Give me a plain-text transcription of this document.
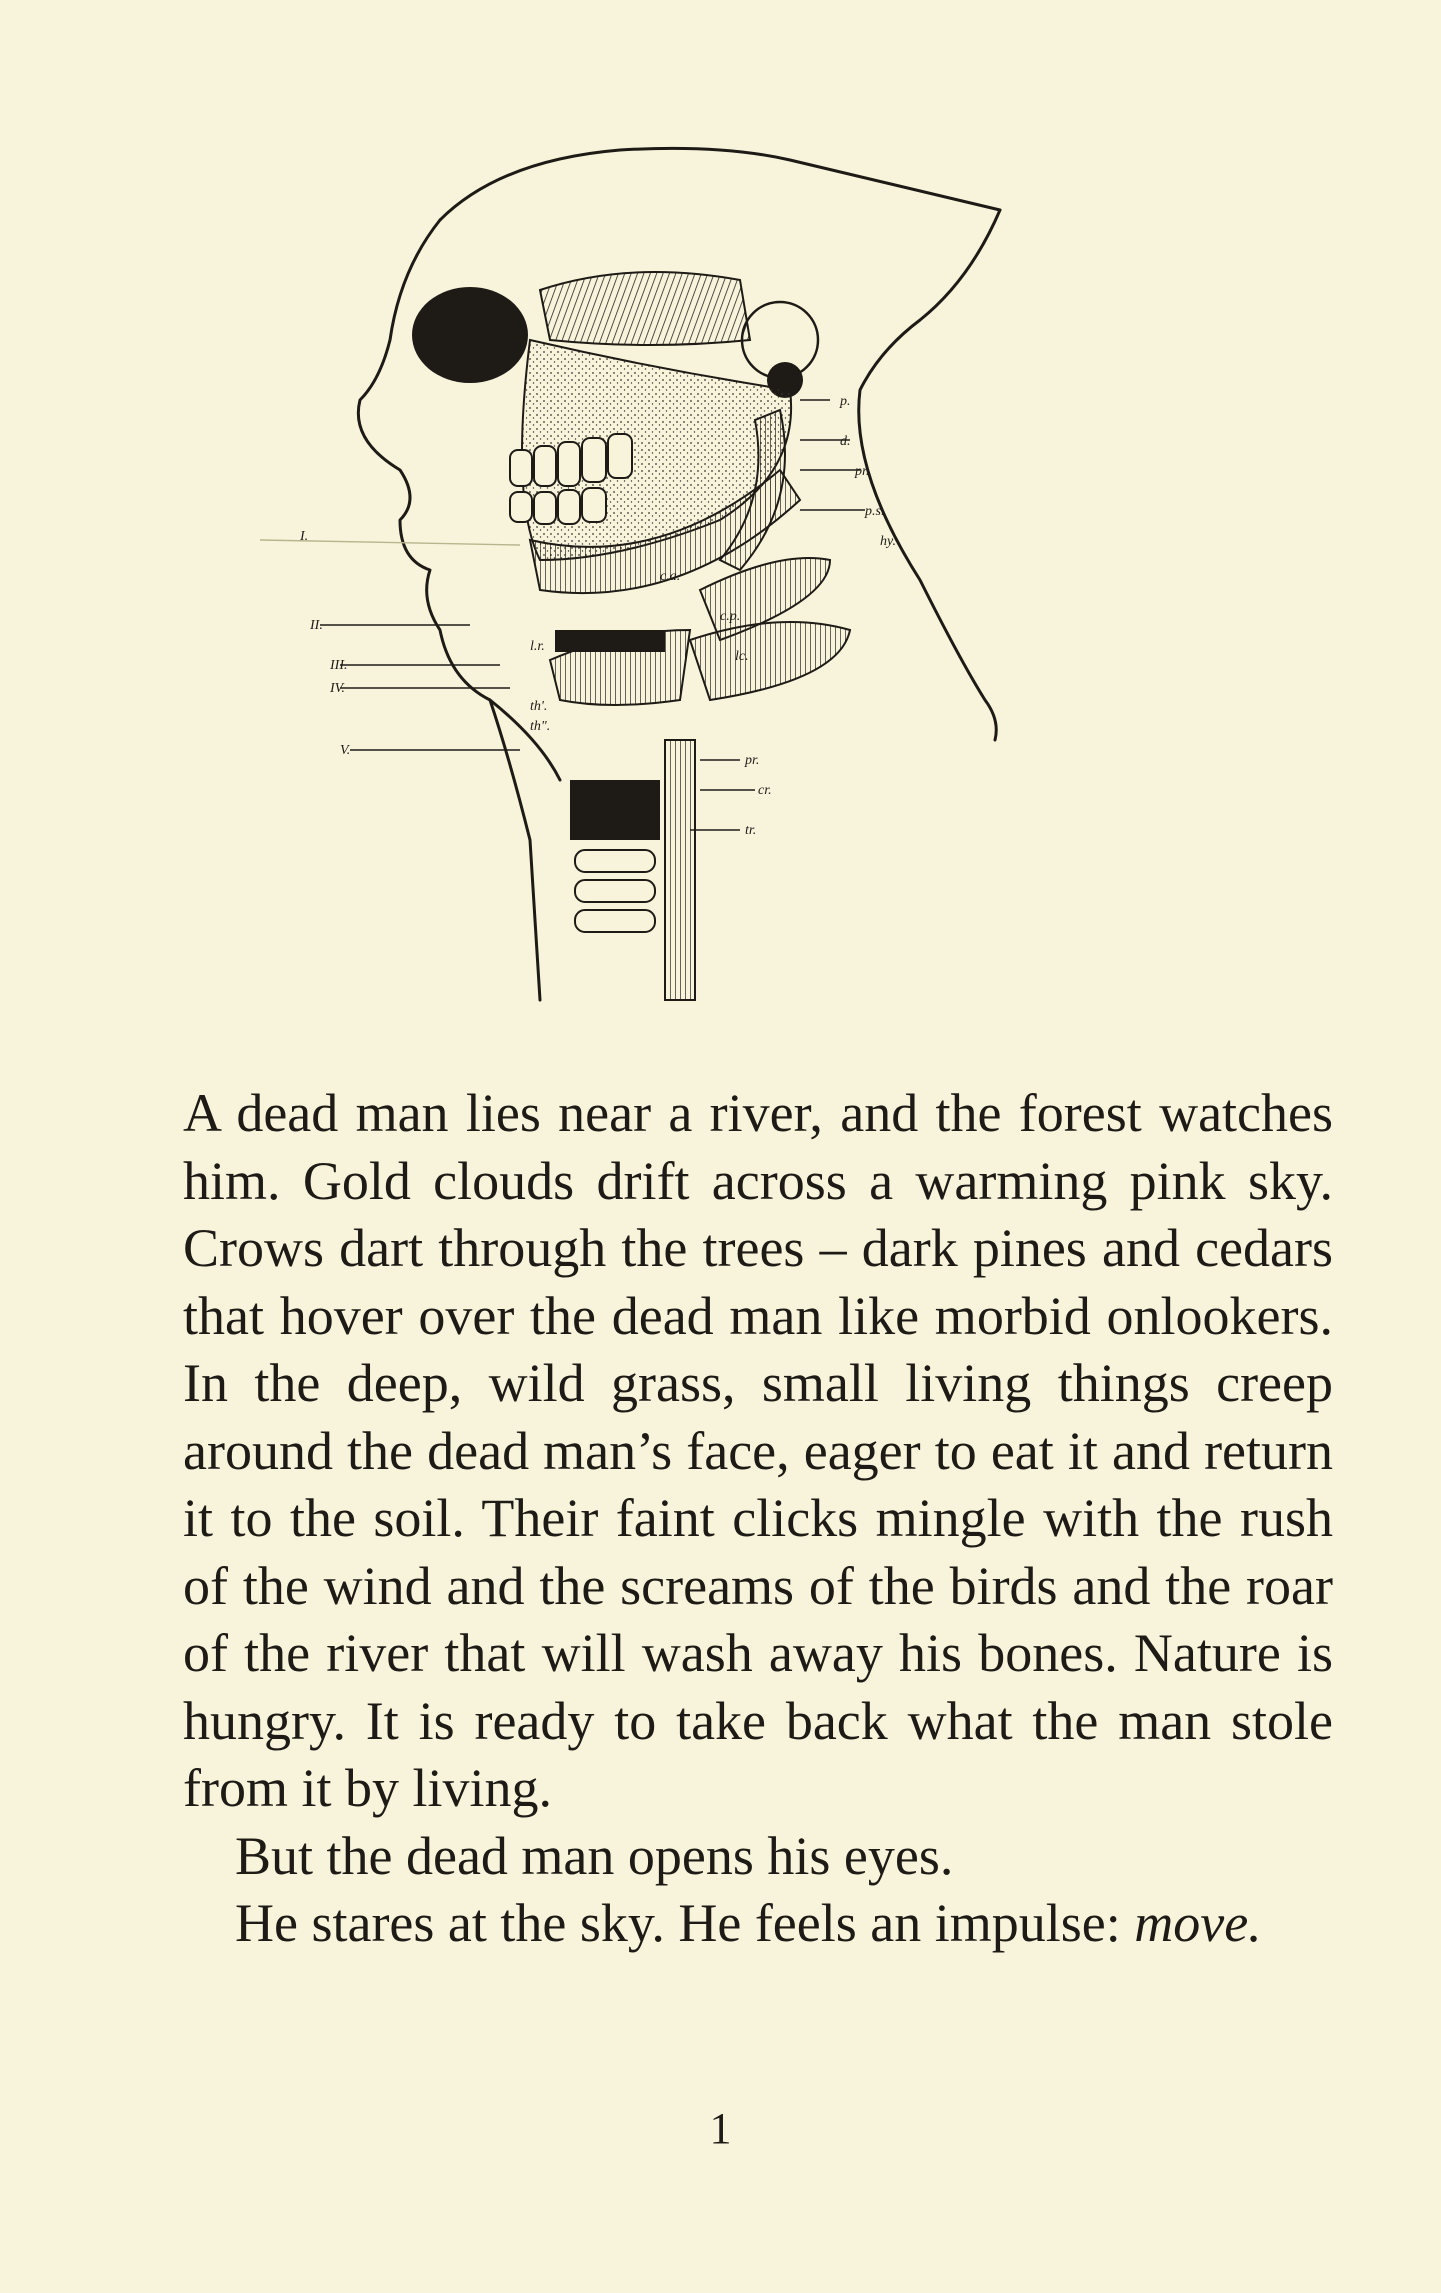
p.
d.
pr.
p.s.
hy.
c.a.
c.p.
lc.
I.
II.
III.
IV.
V.
l.r.
th'.
th".
pr.
cr.
tr.

A dead man lies near a river, and the forest watches him. Gold clouds drift across a warming pink sky. Crows dart through the trees – dark pines and cedars that hover over the dead man like morbid onlookers. In the deep, wild grass, small living things creep around the dead man’s face, eager to eat it and return it to the soil. Their faint clicks mingle with the rush of the wind and the screams of the birds and the roar of the river that will wash away his bones. Nature is hungry. It is ready to take back what the man stole from it by living.

But the dead man opens his eyes.

He stares at the sky. He feels an impulse: move.

1
